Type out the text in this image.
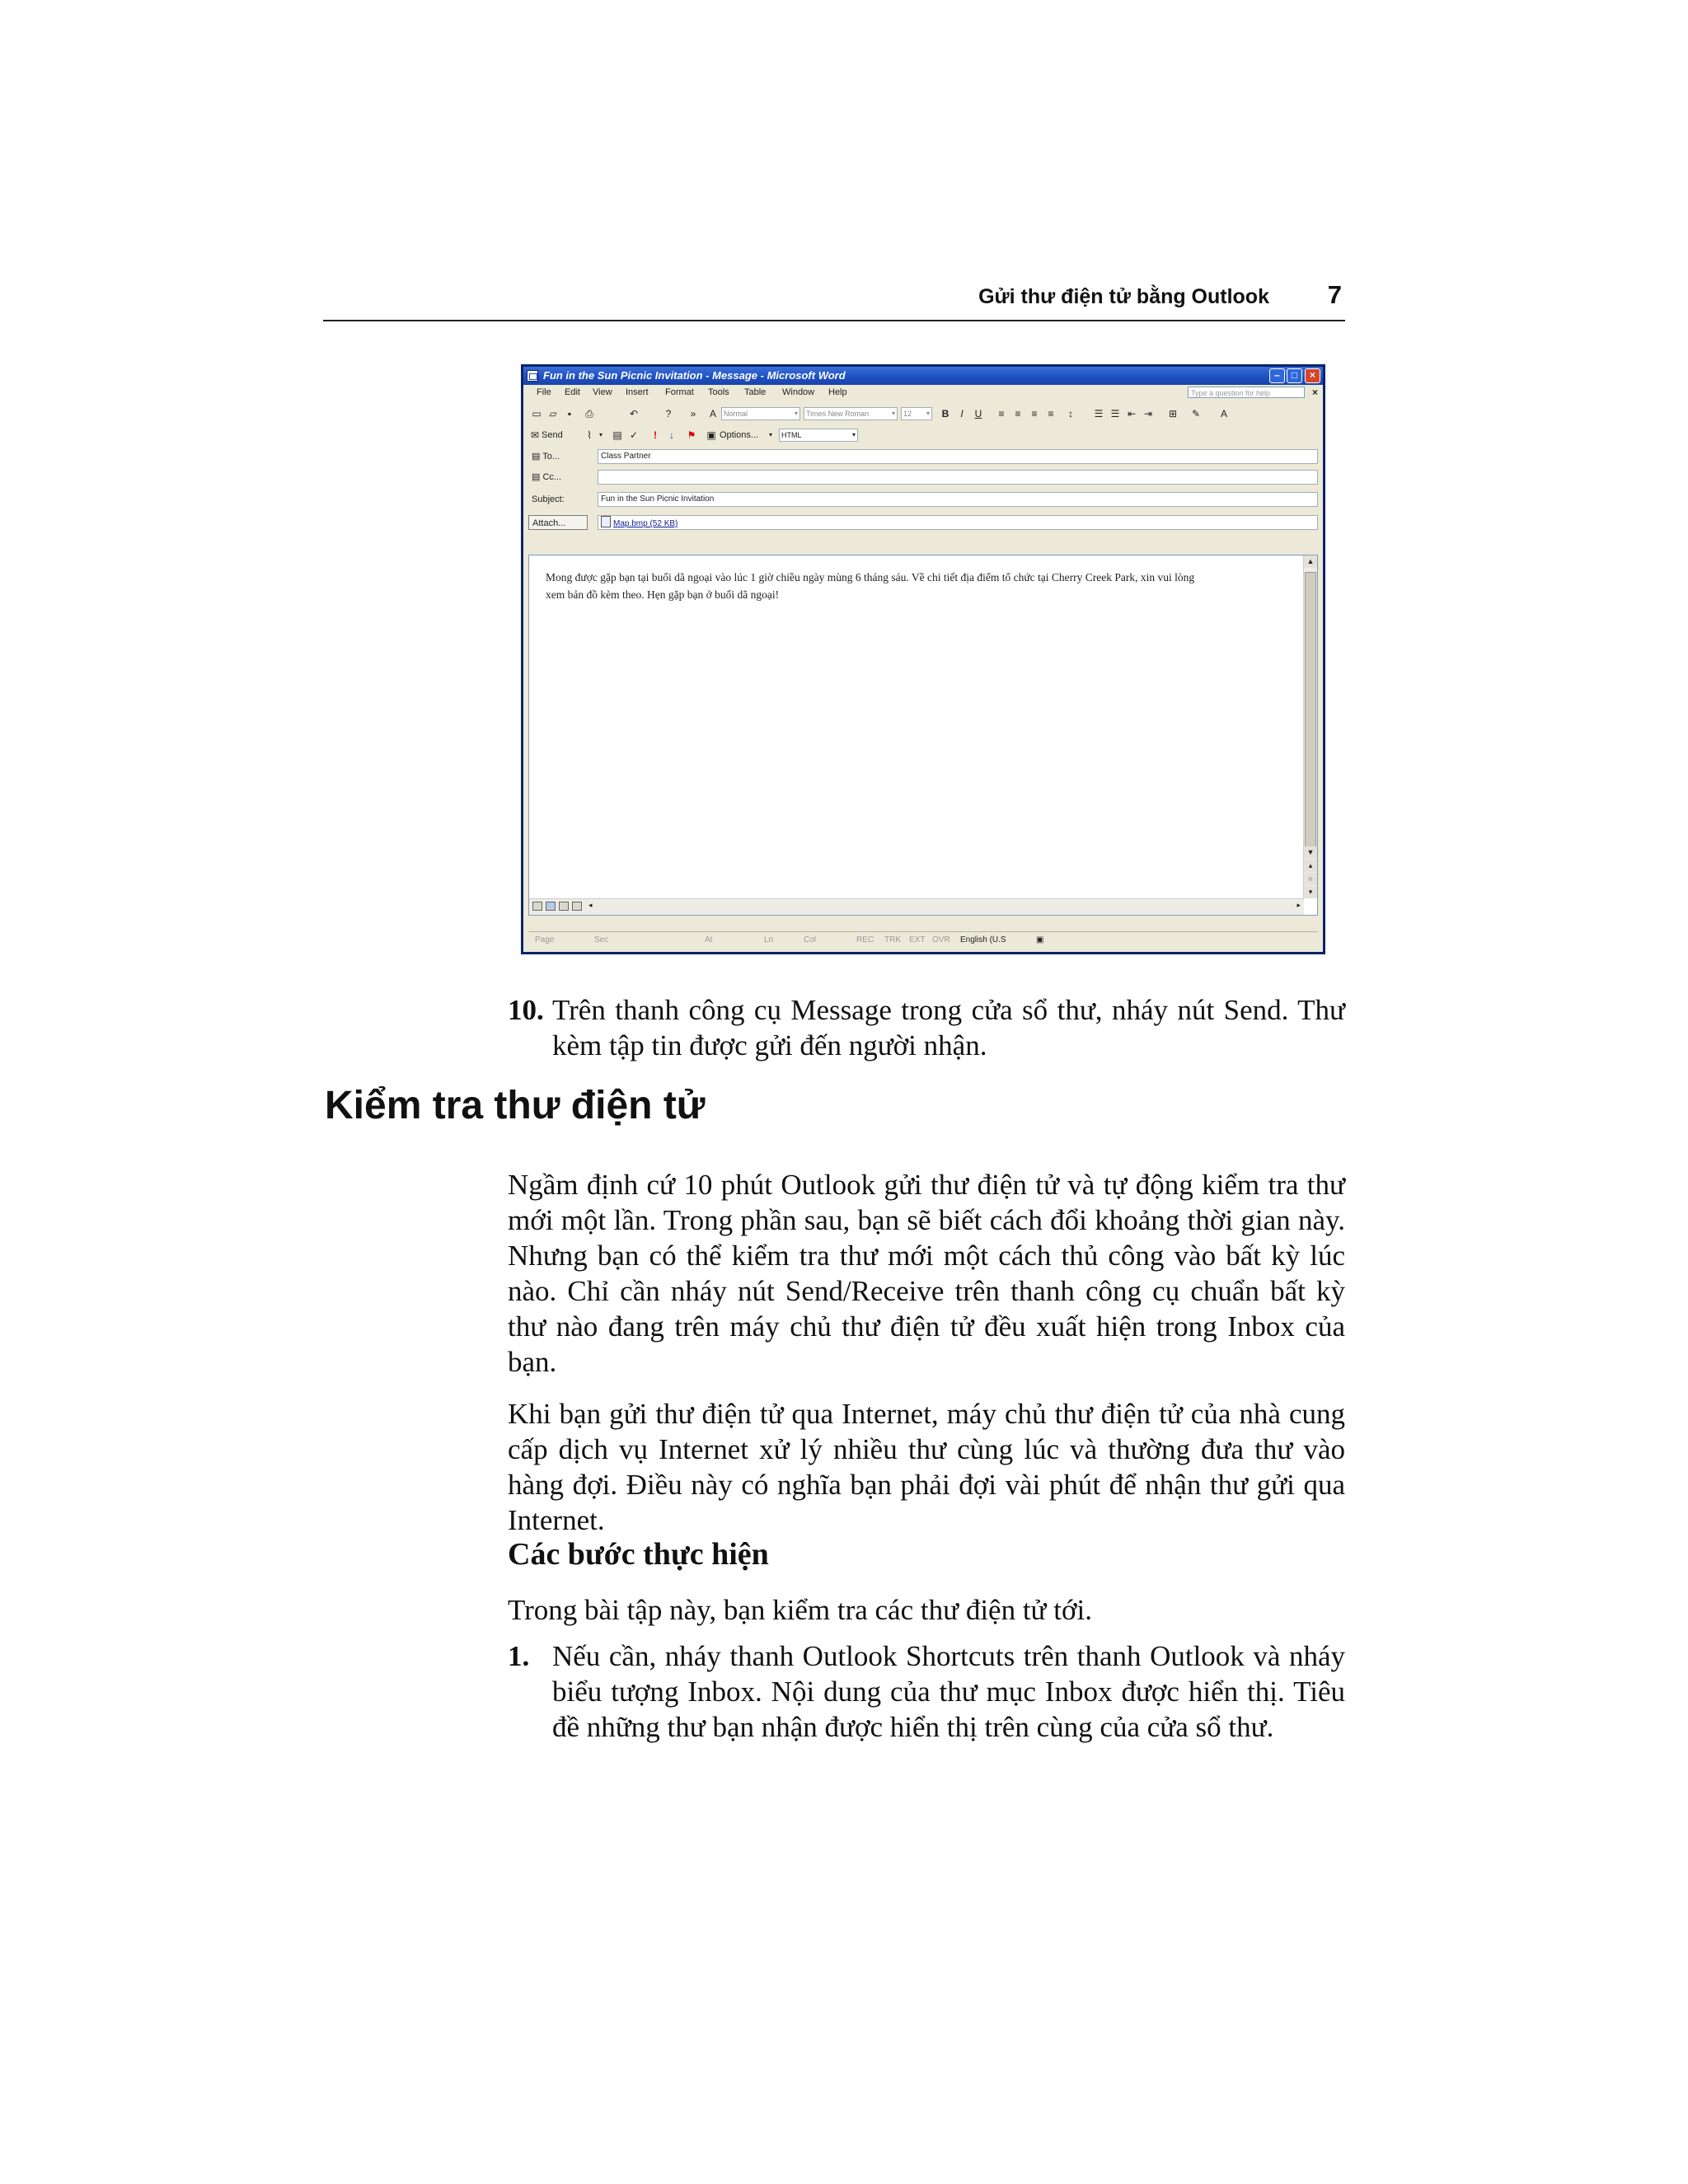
Gửi thư điện tử bằng Outlook 7
Fun in the Sun Picnic Invitation - Message - Microsoft Word	–	□	×
File Edit View Insert Format Tools Table Window Help	Type a question for help	×
▭ ▱	▪	⎙	↶	?	»	A	Normal	▾	Times New Roman	▾	12 ▾	B	I	U	≡	≡	≡	≡	↕	☰ ☰ ⇤ ⇥ ⊞ ✎	A
✉ Send	⌇	▾	▤ ✓	!	↓	⚑ ▣ Options...	▾	HTML	▾
▤ To...	Class Partner
▤ Cc...
Subject:	Fun in the Sun Picnic Invitation
Attach...	Map.bmp (52 KB)
Mong được gặp bạn tại buổi dã ngoại vào lúc 1 giờ chiều ngày mùng 6 tháng sáu. Về chi tiết địa điểm tổ chức tại Cherry Creek Park, xin vui lòng xem bản đồ kèm theo. Hẹn gặp bạn ở buổi dã ngoại!
▲
▼
▴
○
▾
◂	▸
Page	Sec	At	Ln	Col	REC TRK EXT OVR English (U.S	▣
10. Trên thanh công cụ Message trong cửa sổ thư, nháy nút Send. Thư kèm tập tin được gửi đến người nhận.
Kiểm tra thư điện tử

Ngầm định cứ 10 phút Outlook gửi thư điện tử và tự động kiểm tra thư mới một lần. Trong phần sau, bạn sẽ biết cách đổi khoảng thời gian này. Nhưng bạn có thể kiểm tra thư mới một cách thủ công vào bất kỳ lúc nào. Chỉ cần nháy nút Send/Receive trên thanh công cụ chuẩn bất kỳ thư nào đang trên máy chủ thư điện tử đều xuất hiện trong Inbox của bạn.

Khi bạn gửi thư điện tử qua Internet, máy chủ thư điện tử của nhà cung cấp dịch vụ Internet xử lý nhiều thư cùng lúc và thường đưa thư vào hàng đợi. Điều này có nghĩa bạn phải đợi vài phút để nhận thư gửi qua Internet.

Các bước thực hiện

Trong bài tập này, bạn kiểm tra các thư điện tử tới.

1. Nếu cần, nháy thanh Outlook Shortcuts trên thanh Outlook và nháy biểu tượng Inbox. Nội dung của thư mục Inbox được hiển thị. Tiêu đề những thư bạn nhận được hiển thị trên cùng của cửa sổ thư.
